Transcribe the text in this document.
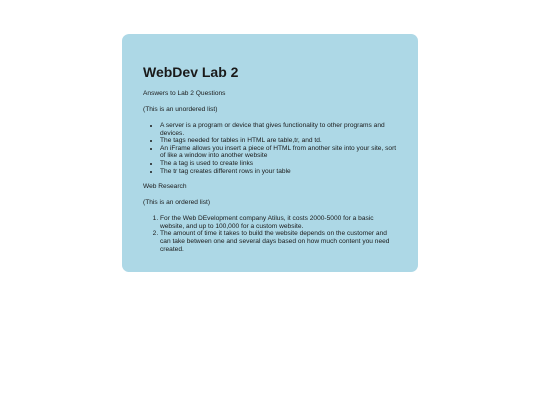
WebDev Lab 2

Answers to Lab 2 Questions

(This is an unordered list)

• A server is a program or device that gives functionality to other programs and devices.
• The tags needed for tables in HTML are table,tr, and td.
• An iFrame allows you insert a piece of HTML from another site into your site, sort of like a window into another website
• The a tag is used to create links
• The tr tag creates different rows in your table

Web Research

(This is an ordered list)

1. For the Web DEvelopment company Atilus, it costs 2000-5000 for a basic website, and up to 100,000 for a custom website.
2. The amount of time it takes to build the website depends on the customer and can take between one and several days based on how much content you need created.
